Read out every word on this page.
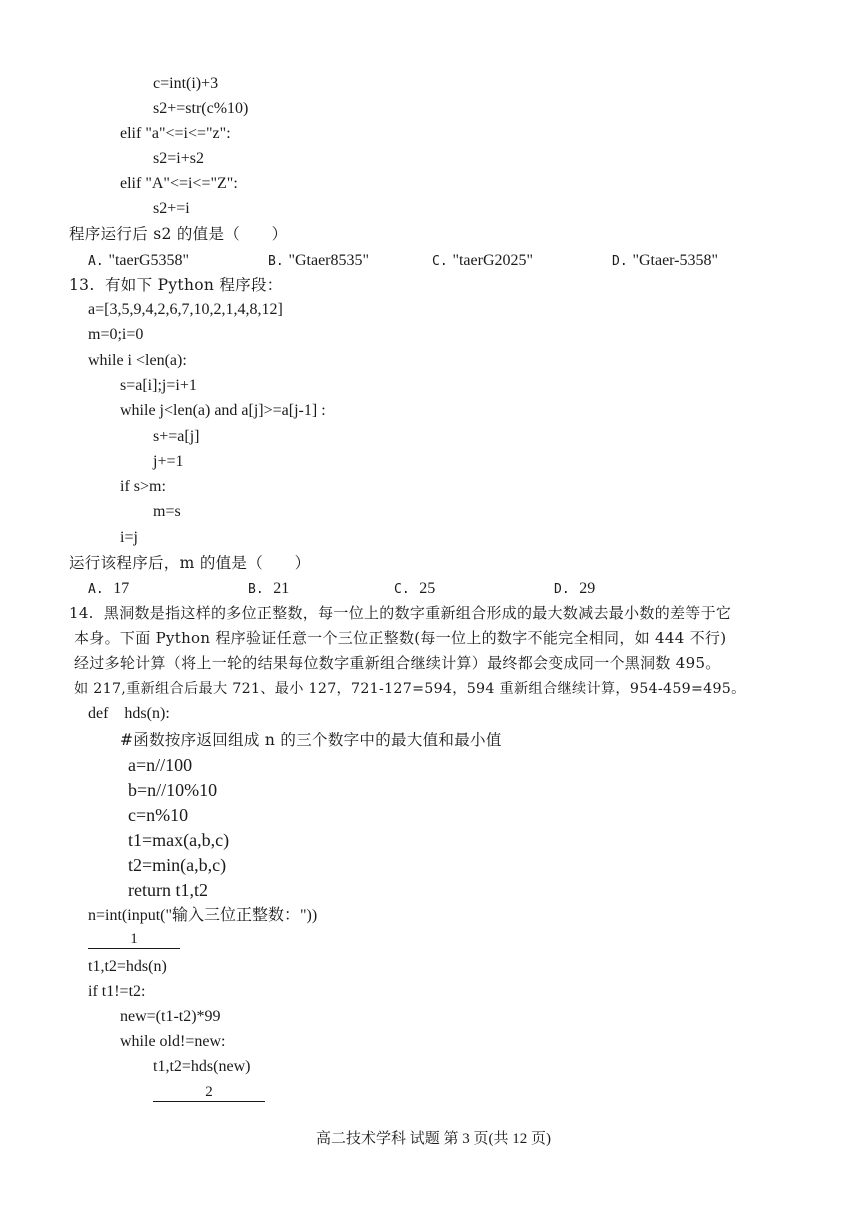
c=int(i)+3
s2+=str(c%10)
elif "a"<=i<="z":
s2=i+s2
elif "A"<=i<="Z":
s2+=i
程序运行后 s2 的值是（　　）
A. "taerG5358"	B. "Gtaer8535"	C. "taerG2025"	D. "Gtaer-5358"
13.  有如下 Python 程序段：
a=[3,5,9,4,2,6,7,10,2,1,4,8,12]
m=0;i=0
while i <len(a):
s=a[i];j=i+1
while j<len(a) and a[j]>=a[j-1] :
s+=a[j]
j+=1
if s>m:
m=s
i=j
运行该程序后，m 的值是（　　）
A. 17	B. 21	C. 25	D. 29
14.  黑洞数是指这样的多位正整数，每一位上的数字重新组合形成的最大数减去最小数的差等于它
本身。下面 Python 程序验证任意一个三位正整数(每一位上的数字不能完全相同，如 444 不行)
经过多轮计算（将上一轮的结果每位数字重新组合继续计算）最终都会变成同一个黑洞数 495。
如 217,重新组合后最大 721、最小 127，721-127=594，594 重新组合继续计算，954-459=495。
def    hds(n):
#函数按序返回组成 n 的三个数字中的最大值和最小值
a=n//100
b=n//10%10
c=n%10
t1=max(a,b,c)
t2=min(a,b,c)
return t1,t2
n=int(input("输入三位正整数："))
1
t1,t2=hds(n)
if t1!=t2:
new=(t1-t2)*99
while old!=new:
t1,t2=hds(new)
2
高二技术学科 试题 第 3 页(共 12 页)
